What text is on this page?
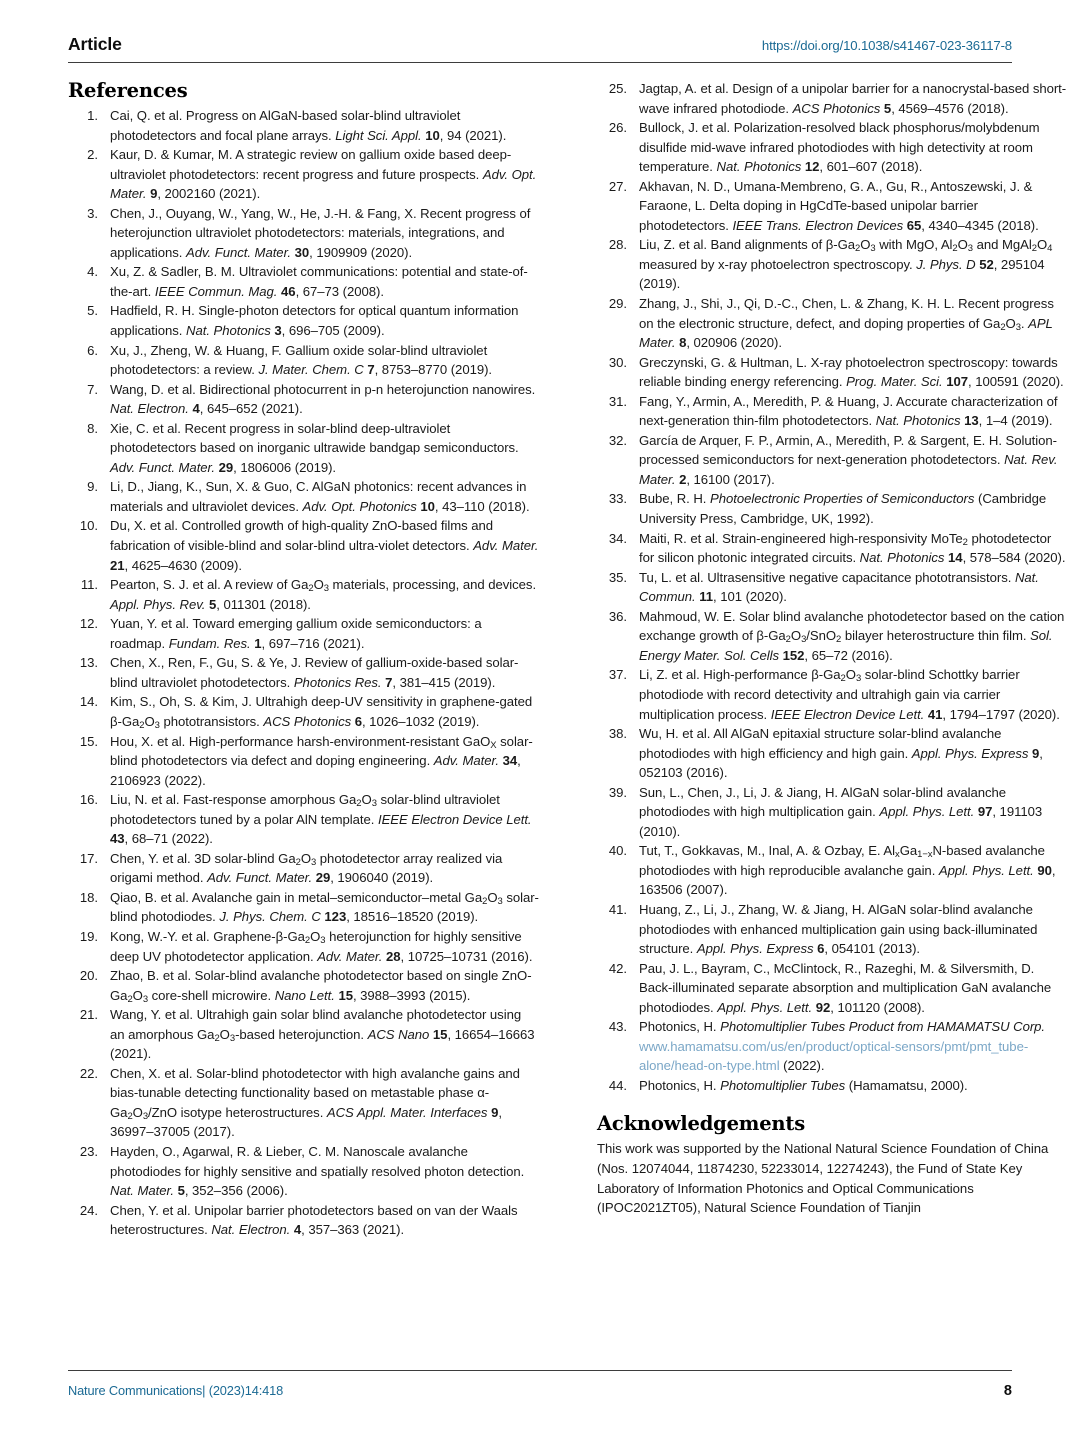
Article	https://doi.org/10.1038/s41467-023-36117-8
References
1. Cai, Q. et al. Progress on AlGaN-based solar-blind ultraviolet photodetectors and focal plane arrays. Light Sci. Appl. 10, 94 (2021).
2. Kaur, D. & Kumar, M. A strategic review on gallium oxide based deep-ultraviolet photodetectors: recent progress and future prospects. Adv. Opt. Mater. 9, 2002160 (2021).
3. Chen, J., Ouyang, W., Yang, W., He, J.-H. & Fang, X. Recent progress of heterojunction ultraviolet photodetectors: materials, integrations, and applications. Adv. Funct. Mater. 30, 1909909 (2020).
4. Xu, Z. & Sadler, B. M. Ultraviolet communications: potential and state-of-the-art. IEEE Commun. Mag. 46, 67–73 (2008).
5. Hadfield, R. H. Single-photon detectors for optical quantum information applications. Nat. Photonics 3, 696–705 (2009).
6. Xu, J., Zheng, W. & Huang, F. Gallium oxide solar-blind ultraviolet photodetectors: a review. J. Mater. Chem. C 7, 8753–8770 (2019).
7. Wang, D. et al. Bidirectional photocurrent in p-n heterojunction nanowires. Nat. Electron. 4, 645–652 (2021).
8. Xie, C. et al. Recent progress in solar-blind deep-ultraviolet photodetectors based on inorganic ultrawide bandgap semiconductors. Adv. Funct. Mater. 29, 1806006 (2019).
9. Li, D., Jiang, K., Sun, X. & Guo, C. AlGaN photonics: recent advances in materials and ultraviolet devices. Adv. Opt. Photonics 10, 43–110 (2018).
10. Du, X. et al. Controlled growth of high-quality ZnO-based films and fabrication of visible-blind and solar-blind ultra-violet detectors. Adv. Mater. 21, 4625–4630 (2009).
11. Pearton, S. J. et al. A review of $Ga_2O_3$ materials, processing, and devices. Appl. Phys. Rev. 5, 011301 (2018).
12. Yuan, Y. et al. Toward emerging gallium oxide semiconductors: a roadmap. Fundam. Res. 1, 697–716 (2021).
13. Chen, X., Ren, F., Gu, S. & Ye, J. Review of gallium-oxide-based solar-blind ultraviolet photodetectors. Photonics Res. 7, 381–415 (2019).
14. Kim, S., Oh, S. & Kim, J. Ultrahigh deep-UV sensitivity in graphene-gated $\beta-Ga_2O_3$ phototransistors. ACS Photonics 6, 1026–1032 (2019).
15. Hou, X. et al. High-performance harsh-environment-resistant GaO$_X$ solar-blind photodetectors via defect and doping engineering. Adv. Mater. 34, 2106923 (2022).
16. Liu, N. et al. Fast-response amorphous $Ga_2O_3$ solar-blind ultraviolet photodetectors tuned by a polar AlN template. IEEE Electron Device Lett. 43, 68–71 (2022).
17. Chen, Y. et al. 3D solar-blind $Ga_2O_3$ photodetector array realized via origami method. Adv. Funct. Mater. 29, 1906040 (2019).
18. Qiao, B. et al. Avalanche gain in metal–semiconductor–metal $Ga_2O_3$ solar-blind photodiodes. J. Phys. Chem. C 123, 18516–18520 (2019).
19. Kong, W.-Y. et al. Graphene-$\beta-Ga_2O_3$ heterojunction for highly sensitive deep UV photodetector application. Adv. Mater. 28, 10725–10731 (2016).
20. Zhao, B. et al. Solar-blind avalanche photodetector based on single ZnO-$Ga_2O_3$ core-shell microwire. Nano Lett. 15, 3988–3993 (2015).
21. Wang, Y. et al. Ultrahigh gain solar blind avalanche photodetector using an amorphous $Ga_2O_3$-based heterojunction. ACS Nano 15, 16654–16663 (2021).
22. Chen, X. et al. Solar-blind photodetector with high avalanche gains and bias-tunable detecting functionality based on metastable phase $\alpha-Ga_2O_3$/ZnO isotype heterostructures. ACS Appl. Mater. Interfaces 9, 36997–37005 (2017).
23. Hayden, O., Agarwal, R. & Lieber, C. M. Nanoscale avalanche photodiodes for highly sensitive and spatially resolved photon detection. Nat. Mater. 5, 352–356 (2006).
24. Chen, Y. et al. Unipolar barrier photodetectors based on van der Waals heterostructures. Nat. Electron. 4, 357–363 (2021).
25. Jagtap, A. et al. Design of a unipolar barrier for a nanocrystal-based short-wave infrared photodiode. ACS Photonics 5, 4569–4576 (2018).
26. Bullock, J. et al. Polarization-resolved black phosphorus/molybdenum disulfide mid-wave infrared photodiodes with high detectivity at room temperature. Nat. Photonics 12, 601–607 (2018).
27. Akhavan, N. D., Umana-Membreno, G. A., Gu, R., Antoszewski, J. & Faraone, L. Delta doping in HgCdTe-based unipolar barrier photodetectors. IEEE Trans. Electron Devices 65, 4340–4345 (2018).
28. Liu, Z. et al. Band alignments of $\beta-Ga_2O_3$ with MgO, $Al_2O_3$ and $MgAl_2O_4$ measured by x-ray photoelectron spectroscopy. J. Phys. D 52, 295104 (2019).
29. Zhang, J., Shi, J., Qi, D.-C., Chen, L. & Zhang, K. H. L. Recent progress on the electronic structure, defect, and doping properties of $Ga_2O_3$. APL Mater. 8, 020906 (2020).
30. Greczynski, G. & Hultman, L. X-ray photoelectron spectroscopy: towards reliable binding energy referencing. Prog. Mater. Sci. 107, 100591 (2020).
31. Fang, Y., Armin, A., Meredith, P. & Huang, J. Accurate characterization of next-generation thin-film photodetectors. Nat. Photonics 13, 1–4 (2019).
32. García de Arquer, F. P., Armin, A., Meredith, P. & Sargent, E. H. Solution-processed semiconductors for next-generation photodetectors. Nat. Rev. Mater. 2, 16100 (2017).
33. Bube, R. H. Photoelectronic Properties of Semiconductors (Cambridge University Press, Cambridge, UK, 1992).
34. Maiti, R. et al. Strain-engineered high-responsivity MoTe$_2$ photodetector for silicon photonic integrated circuits. Nat. Photonics 14, 578–584 (2020).
35. Tu, L. et al. Ultrasensitive negative capacitance phototransistors. Nat. Commun. 11, 101 (2020).
36. Mahmoud, W. E. Solar blind avalanche photodetector based on the cation exchange growth of $\beta-Ga_2O_3/SnO_2$ bilayer heterostructure thin film. Sol. Energy Mater. Sol. Cells 152, 65–72 (2016).
37. Li, Z. et al. High-performance $\beta-Ga_2O_3$ solar-blind Schottky barrier photodiode with record detectivity and ultrahigh gain via carrier multiplication process. IEEE Electron Device Lett. 41, 1794–1797 (2020).
38. Wu, H. et al. All AlGaN epitaxial structure solar-blind avalanche photodiodes with high efficiency and high gain. Appl. Phys. Express 9, 052103 (2016).
39. Sun, L., Chen, J., Li, J. & Jiang, H. AlGaN solar-blind avalanche photodiodes with high multiplication gain. Appl. Phys. Lett. 97, 191103 (2010).
40. Tut, T., Gokkavas, M., Inal, A. & Ozbay, E. $Al_xGa_{1-x}N$-based avalanche photodiodes with high reproducible avalanche gain. Appl. Phys. Lett. 90, 163506 (2007).
41. Huang, Z., Li, J., Zhang, W. & Jiang, H. AlGaN solar-blind avalanche photodiodes with enhanced multiplication gain using back-illuminated structure. Appl. Phys. Express 6, 054101 (2013).
42. Pau, J. L., Bayram, C., McClintock, R., Razeghi, M. & Silversmith, D. Back-illuminated separate absorption and multiplication GaN avalanche photodiodes. Appl. Phys. Lett. 92, 101120 (2008).
43. Photonics, H. Photomultiplier Tubes Product from HAMAMATSU Corp. www.hamamatsu.com/us/en/product/optical-sensors/pmt/pmt_tube-alone/head-on-type.html (2022).
44. Photonics, H. Photomultiplier Tubes (Hamamatsu, 2000).
Acknowledgements

This work was supported by the National Natural Science Foundation of China (Nos. 12074044, 11874230, 52233014, 12274243), the Fund of State Key Laboratory of Information Photonics and Optical Communications (IPOC2021ZT05), Natural Science Foundation of Tianjin

Nature Communications| (2023)14:418	8
